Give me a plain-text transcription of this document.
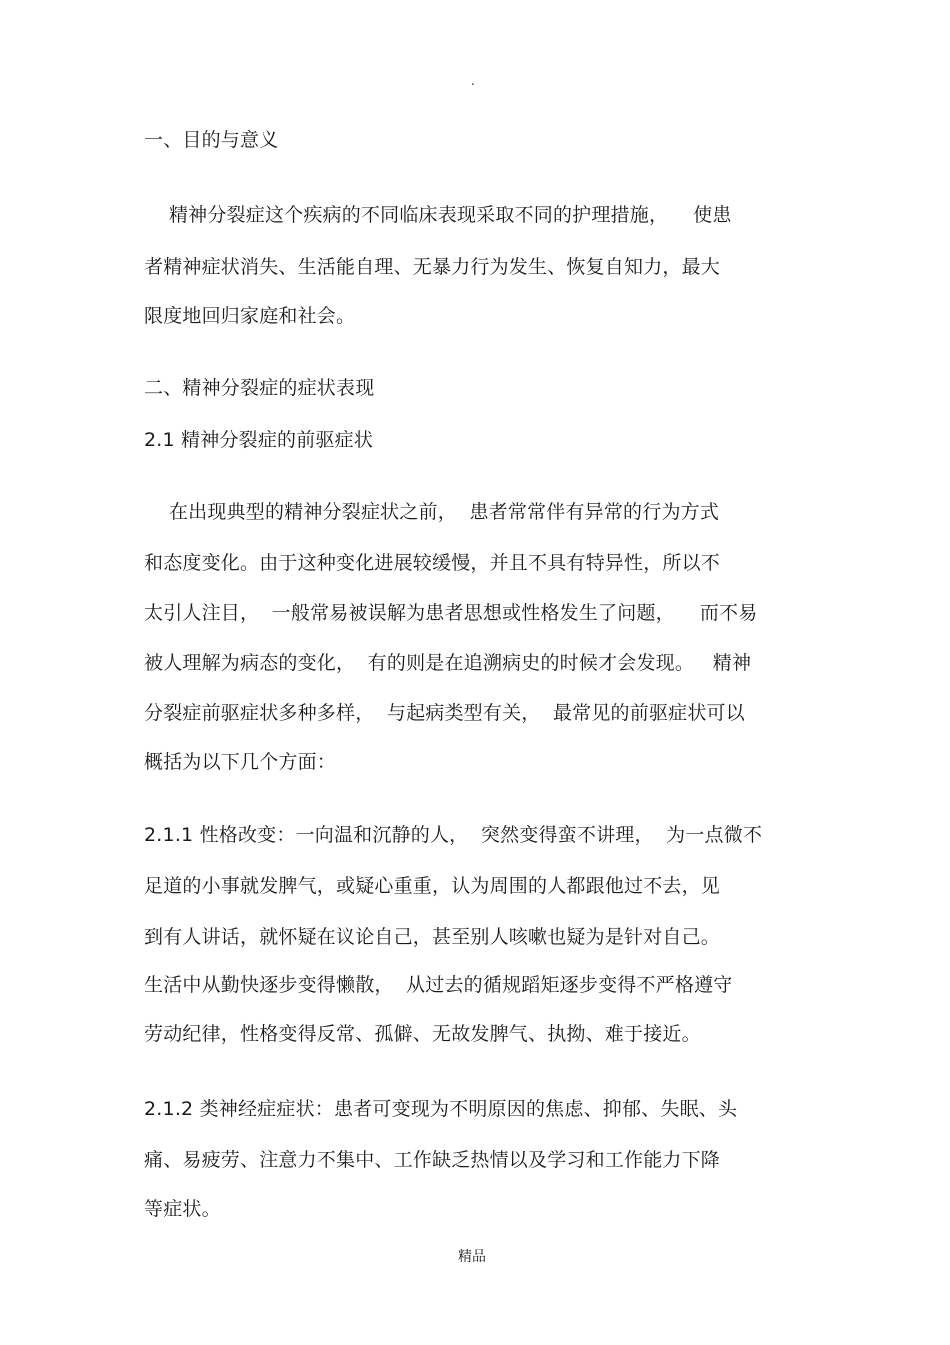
.
一、目的与意义
精神分裂症这个疾病的不同临床表现采取不同的护理措施，    使患
者精神症状消失、生活能自理、无暴力行为发生、恢复自知力，最大
限度地回归家庭和社会。
二、精神分裂症的症状表现
2.1 精神分裂症的前驱症状
在出现典型的精神分裂症状之前，  患者常常伴有异常的行为方式
和态度变化。由于这种变化进展较缓慢，并且不具有特异性，所以不
太引人注目，  一般常易被误解为患者思想或性格发生了问题，    而不易
被人理解为病态的变化，  有的则是在追溯病史的时候才会发现。   精神
分裂症前驱症状多种多样，  与起病类型有关，  最常见的前驱症状可以
概括为以下几个方面：
2.1.1 性格改变：一向温和沉静的人，  突然变得蛮不讲理，  为一点微不
足道的小事就发脾气，或疑心重重，认为周围的人都跟他过不去，见
到有人讲话，就怀疑在议论自己，甚至别人咳嗽也疑为是针对自己。
生活中从勤快逐步变得懒散，  从过去的循规蹈矩逐步变得不严格遵守
劳动纪律，性格变得反常、孤僻、无故发脾气、执拗、难于接近。
2.1.2 类神经症症状：患者可变现为不明原因的焦虑、抑郁、失眠、头
痛、易疲劳、注意力不集中、工作缺乏热情以及学习和工作能力下降
等症状。
精品
